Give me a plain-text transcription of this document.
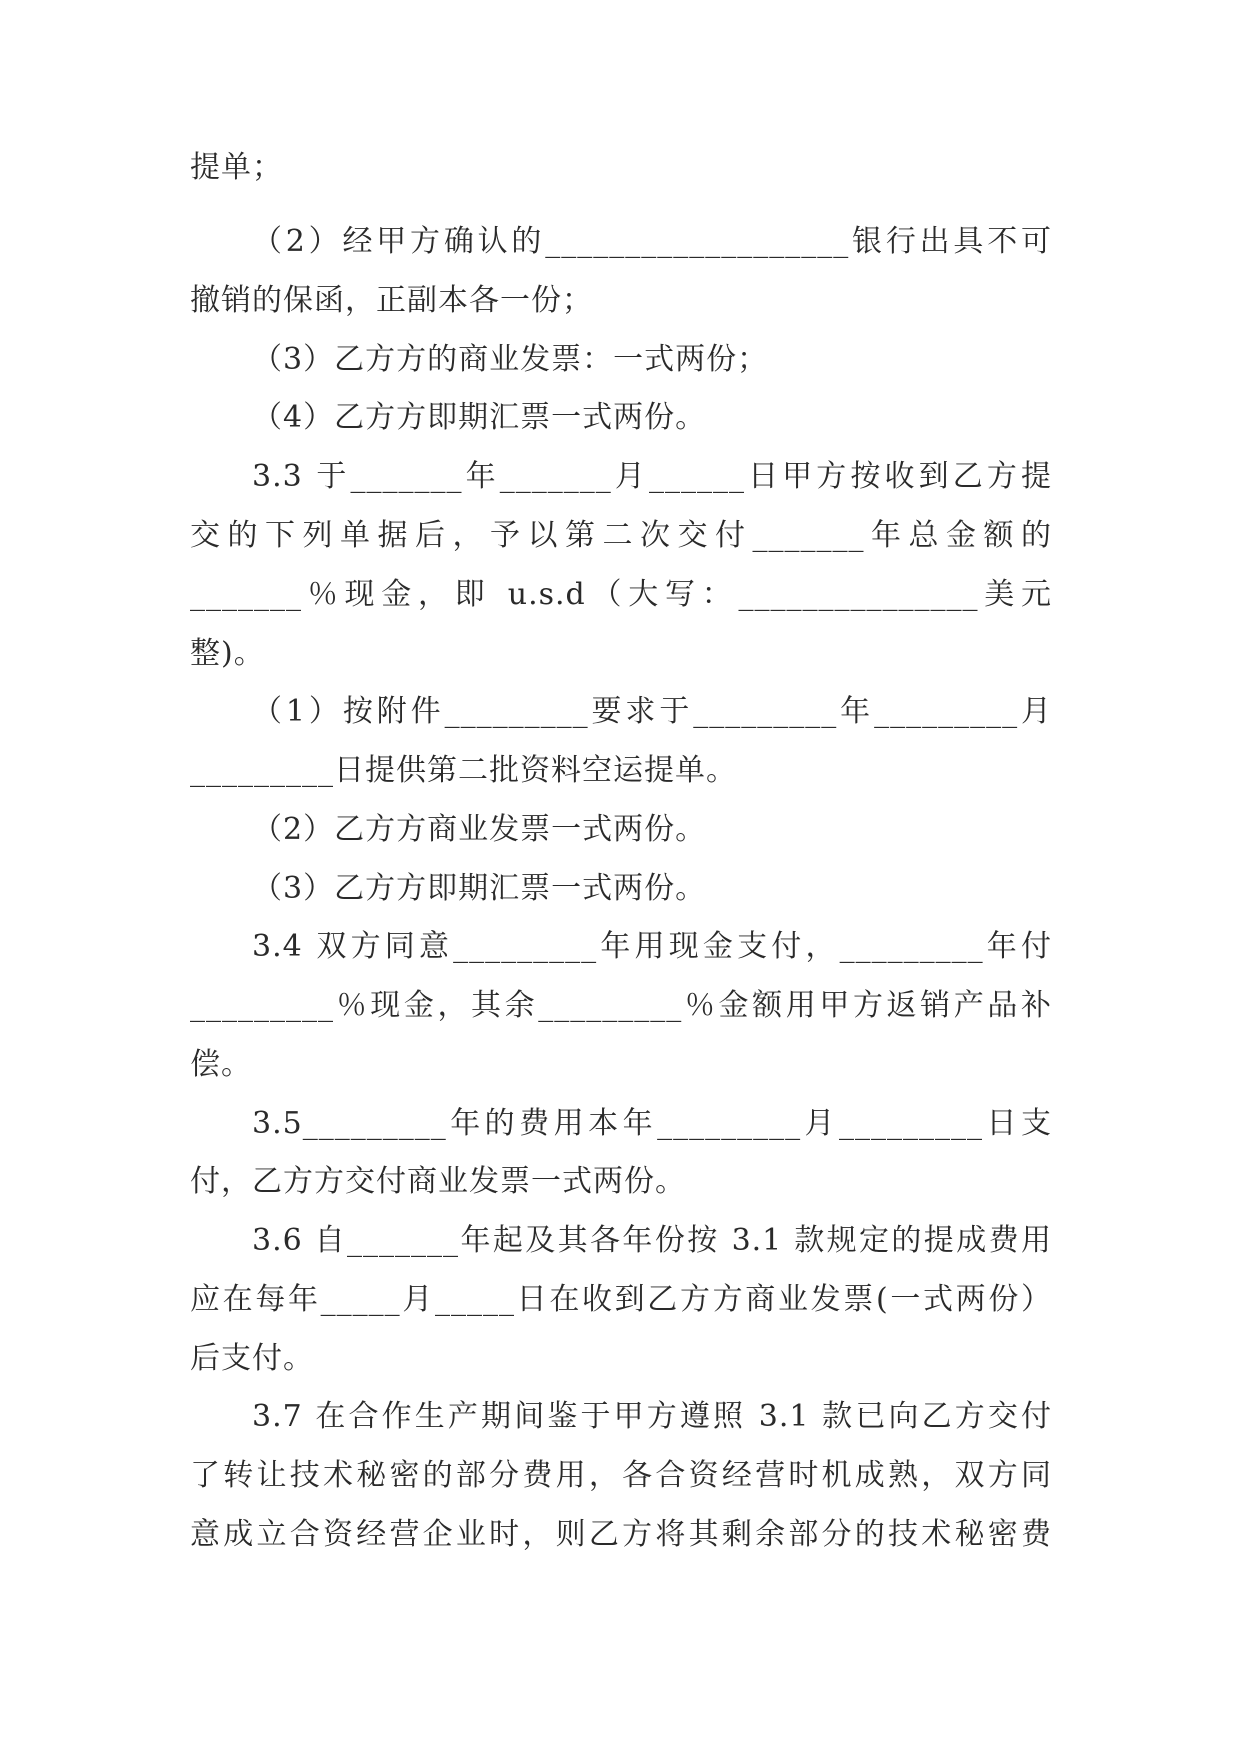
提单；
（2）经甲方确认的___________________银行出具不可
撤销的保函，正副本各一份；
（3）乙方方的商业发票：一式两份；
（4）乙方方即期汇票一式两份。
3.3 于_______年_______月______日甲方按收到乙方提
交的下列单据后，予以第二次交付_______年总金额的
_______％现金，即 u.s.d（大写：_______________美元
整)。
（1）按附件_________要求于_________年_________月
_________日提供第二批资料空运提单。
（2）乙方方商业发票一式两份。
（3）乙方方即期汇票一式两份。
3.4 双方同意_________年用现金支付，_________年付
_________％现金，其余_________％金额用甲方返销产品补
偿。
3.5_________年的费用本年_________月_________日支
付，乙方方交付商业发票一式两份。
3.6 自_______年起及其各年份按 3.1 款规定的提成费用
应在每年_____月_____日在收到乙方方商业发票(一式两份）
后支付。
3.7 在合作生产期间鉴于甲方遵照 3.1 款已向乙方交付
了转让技术秘密的部分费用，各合资经营时机成熟，双方同
意成立合资经营企业时，则乙方将其剩余部分的技术秘密费
